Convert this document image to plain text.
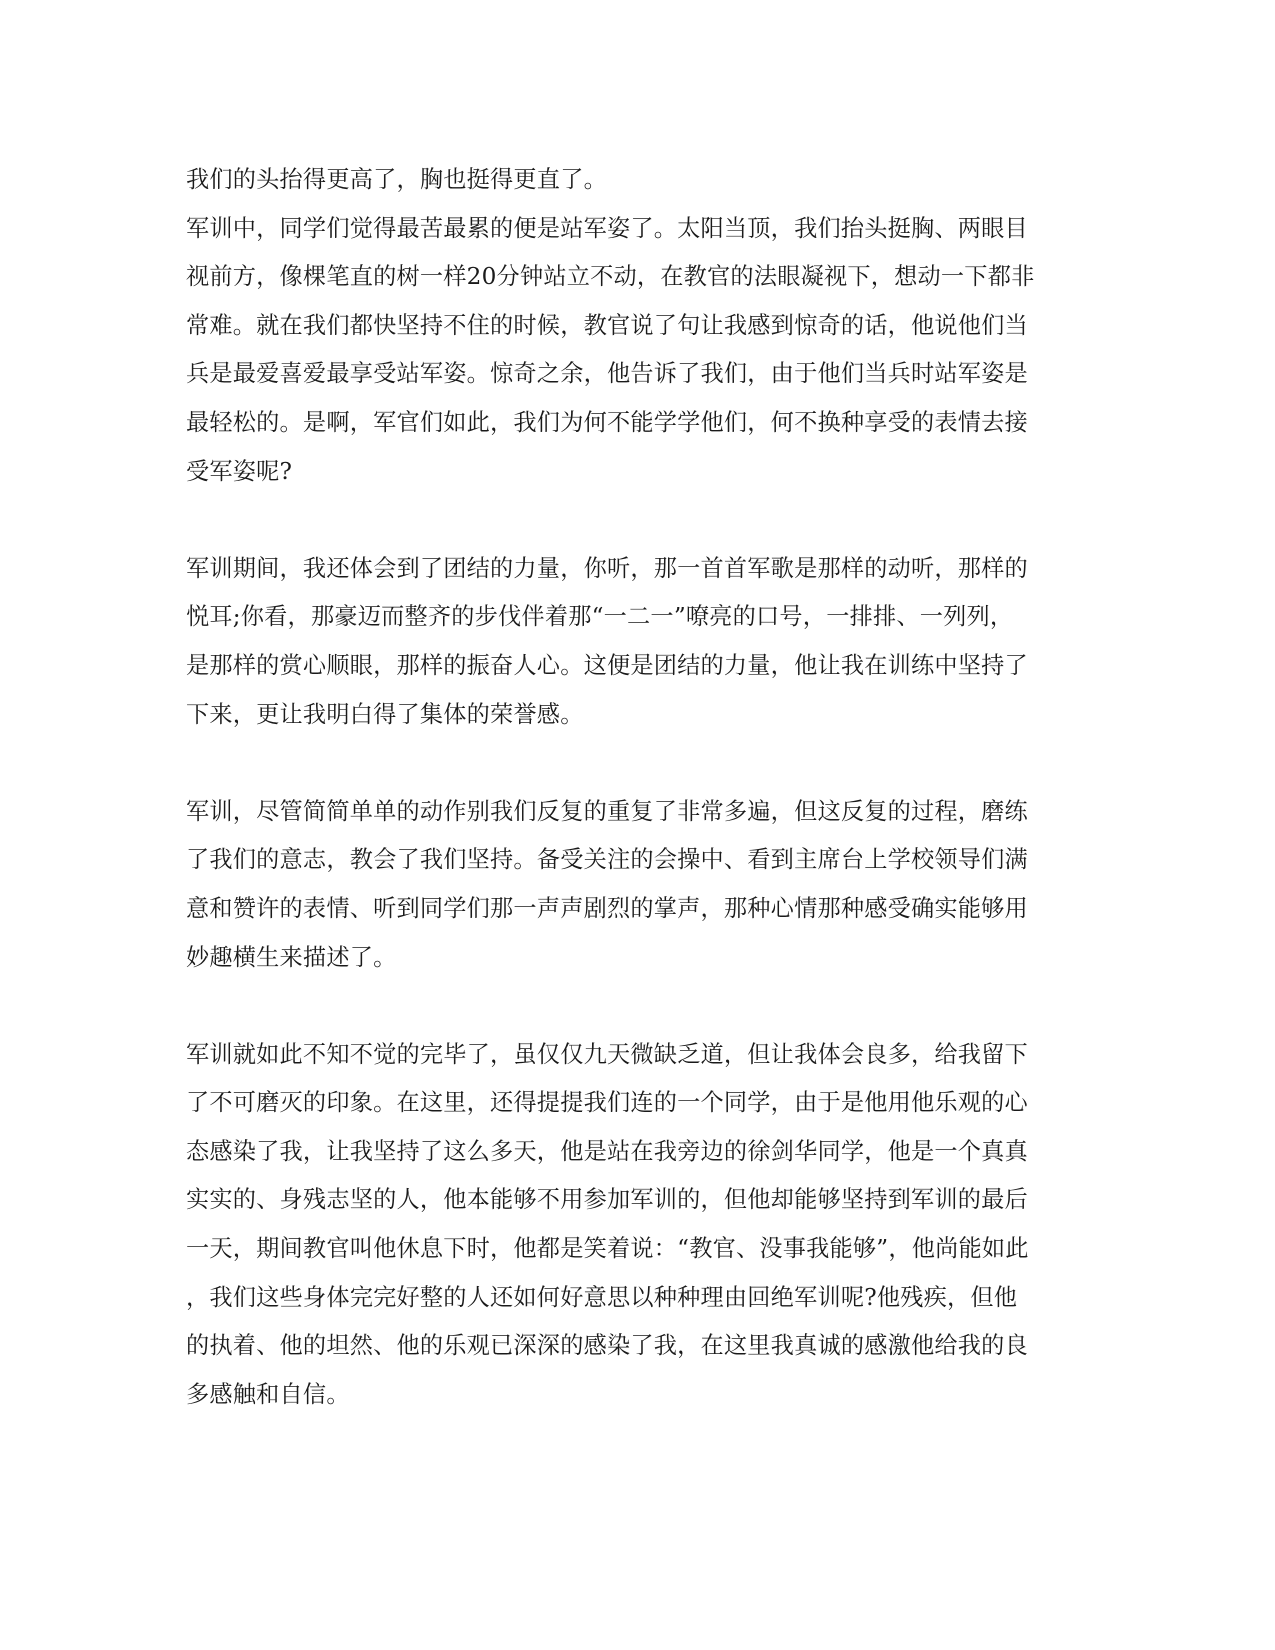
我们的头抬得更高了，胸也挺得更直了。

军训中，同学们觉得最苦最累的便是站军姿了。太阳当顶，我们抬头挺胸、两眼目

视前方，像棵笔直的树一样20分钟站立不动，在教官的法眼凝视下，想动一下都非

常难。就在我们都快坚持不住的时候，教官说了句让我感到惊奇的话，他说他们当

兵是最爱喜爱最享受站军姿。惊奇之余，他告诉了我们，由于他们当兵时站军姿是

最轻松的。是啊，军官们如此，我们为何不能学学他们，何不换种享受的表情去接

受军姿呢?

军训期间，我还体会到了团结的力量，你听，那一首首军歌是那样的动听，那样的

悦耳;你看，那豪迈而整齐的步伐伴着那“一二一”嘹亮的口号，一排排、一列列，

是那样的赏心顺眼，那样的振奋人心。这便是团结的力量，他让我在训练中坚持了

下来，更让我明白得了集体的荣誉感。

军训，尽管简简单单的动作别我们反复的重复了非常多遍，但这反复的过程，磨练

了我们的意志，教会了我们坚持。备受关注的会操中、看到主席台上学校领导们满

意和赞许的表情、听到同学们那一声声剧烈的掌声，那种心情那种感受确实能够用

妙趣横生来描述了。

军训就如此不知不觉的完毕了，虽仅仅九天微缺乏道，但让我体会良多，给我留下

了不可磨灭的印象。在这里，还得提提我们连的一个同学，由于是他用他乐观的心

态感染了我，让我坚持了这么多天，他是站在我旁边的徐剑华同学，他是一个真真

实实的、身残志坚的人，他本能够不用参加军训的，但他却能够坚持到军训的最后

一天，期间教官叫他休息下时，他都是笑着说：“教官、没事我能够”，他尚能如此

，我们这些身体完完好整的人还如何好意思以种种理由回绝军训呢?他残疾，但他

的执着、他的坦然、他的乐观已深深的感染了我，在这里我真诚的感激他给我的良

多感触和自信。
